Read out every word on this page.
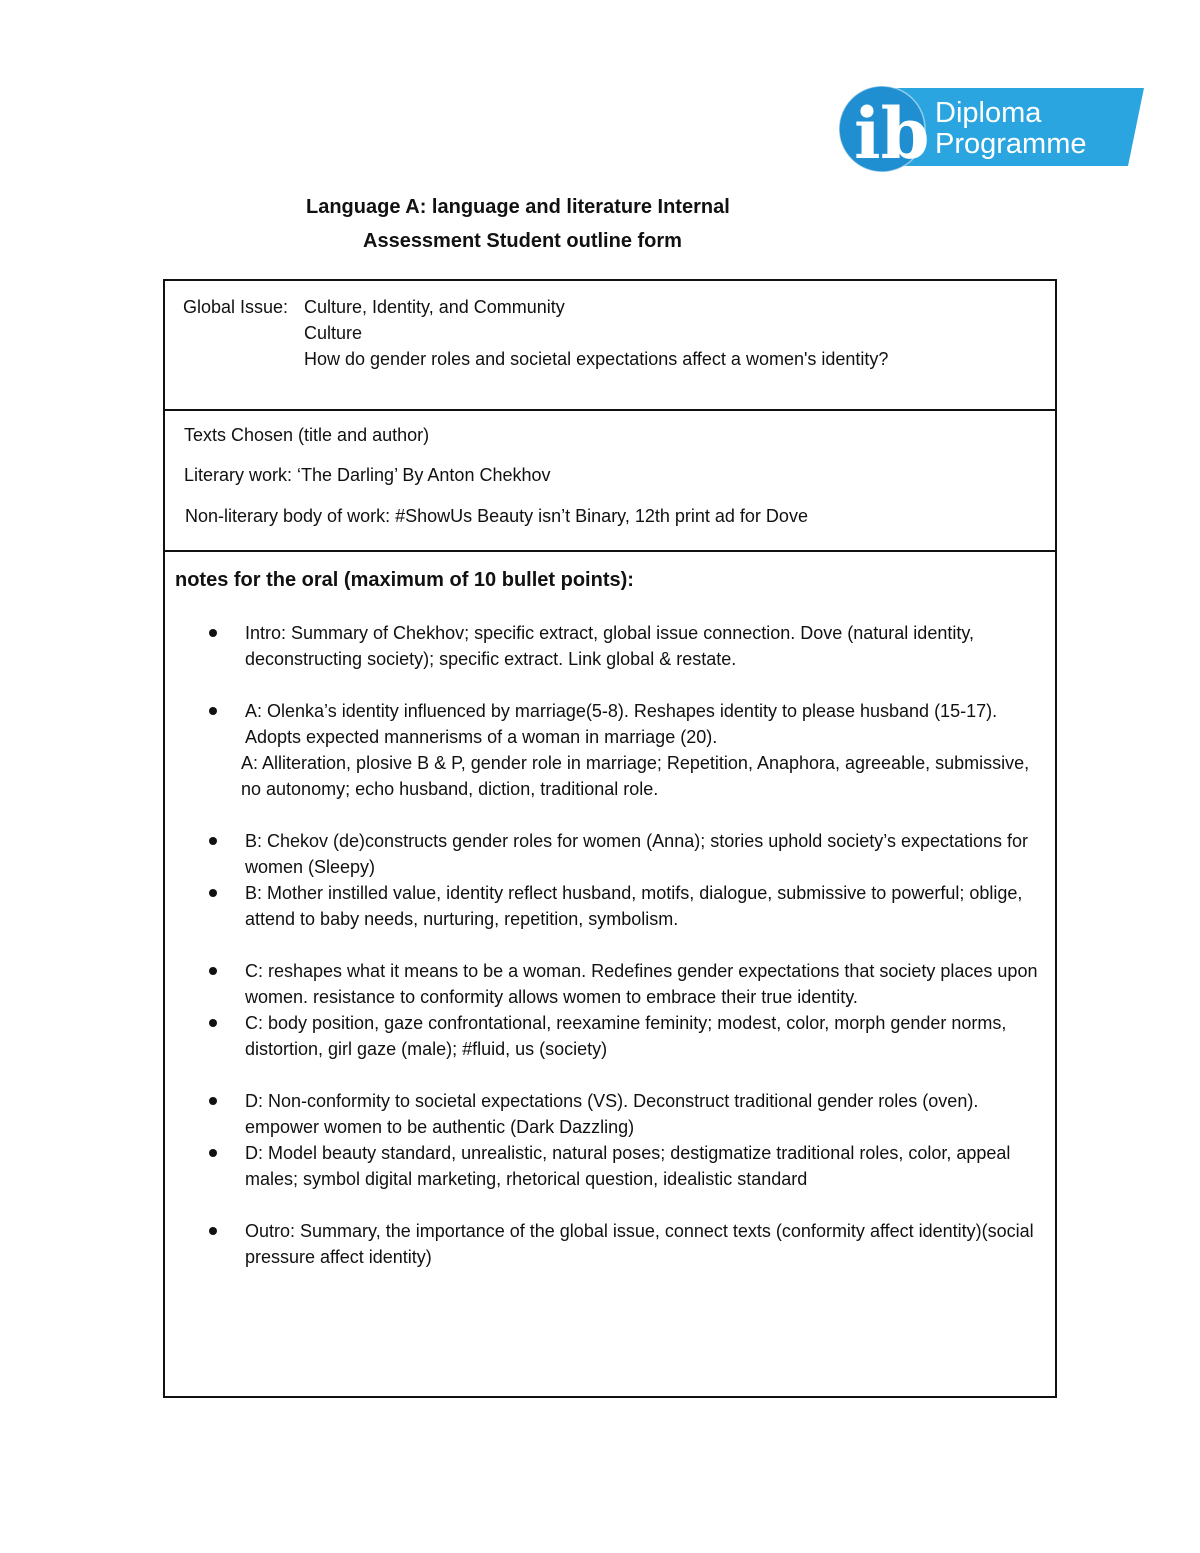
ib Diploma
Programme
Language A: language and literature Internal
Assessment Student outline form
Global Issue: Culture, Identity, and Community
Culture
How do gender roles and societal expectations affect a women's identity?
Texts Chosen (title and author)
Literary work: ‘The Darling’ By Anton Chekhov
Non-literary body of work: #ShowUs Beauty isn’t Binary, 12th print ad for Dove
notes for the oral (maximum of 10 bullet points):
Intro: Summary of Chekhov; specific extract, global issue connection. Dove (natural identity, deconstructing society); specific extract. Link global & restate.
A: Olenka’s identity influenced by marriage(5-8). Reshapes identity to please husband (15-17). Adopts expected mannerisms of a woman in marriage (20).
A: Alliteration, plosive B & P, gender role in marriage; Repetition, Anaphora, agreeable, submissive, no autonomy; echo husband, diction, traditional role.
B: Chekov (de)constructs gender roles for women (Anna); stories uphold society’s expectations for women (Sleepy)
B: Mother instilled value, identity reflect husband, motifs, dialogue, submissive to powerful; oblige, attend to baby needs, nurturing, repetition, symbolism.
C: reshapes what it means to be a woman. Redefines gender expectations that society places upon women. resistance to conformity allows women to embrace their true identity.
C: body position, gaze confrontational, reexamine feminity; modest, color, morph gender norms, distortion, girl gaze (male); #fluid, us (society)
D: Non-conformity to societal expectations (VS). Deconstruct traditional gender roles (oven). empower women to be authentic (Dark Dazzling)
D: Model beauty standard, unrealistic, natural poses; destigmatize traditional roles, color, appeal males; symbol digital marketing, rhetorical question, idealistic standard
Outro: Summary, the importance of the global issue, connect texts (conformity affect identity)(social pressure affect identity)
